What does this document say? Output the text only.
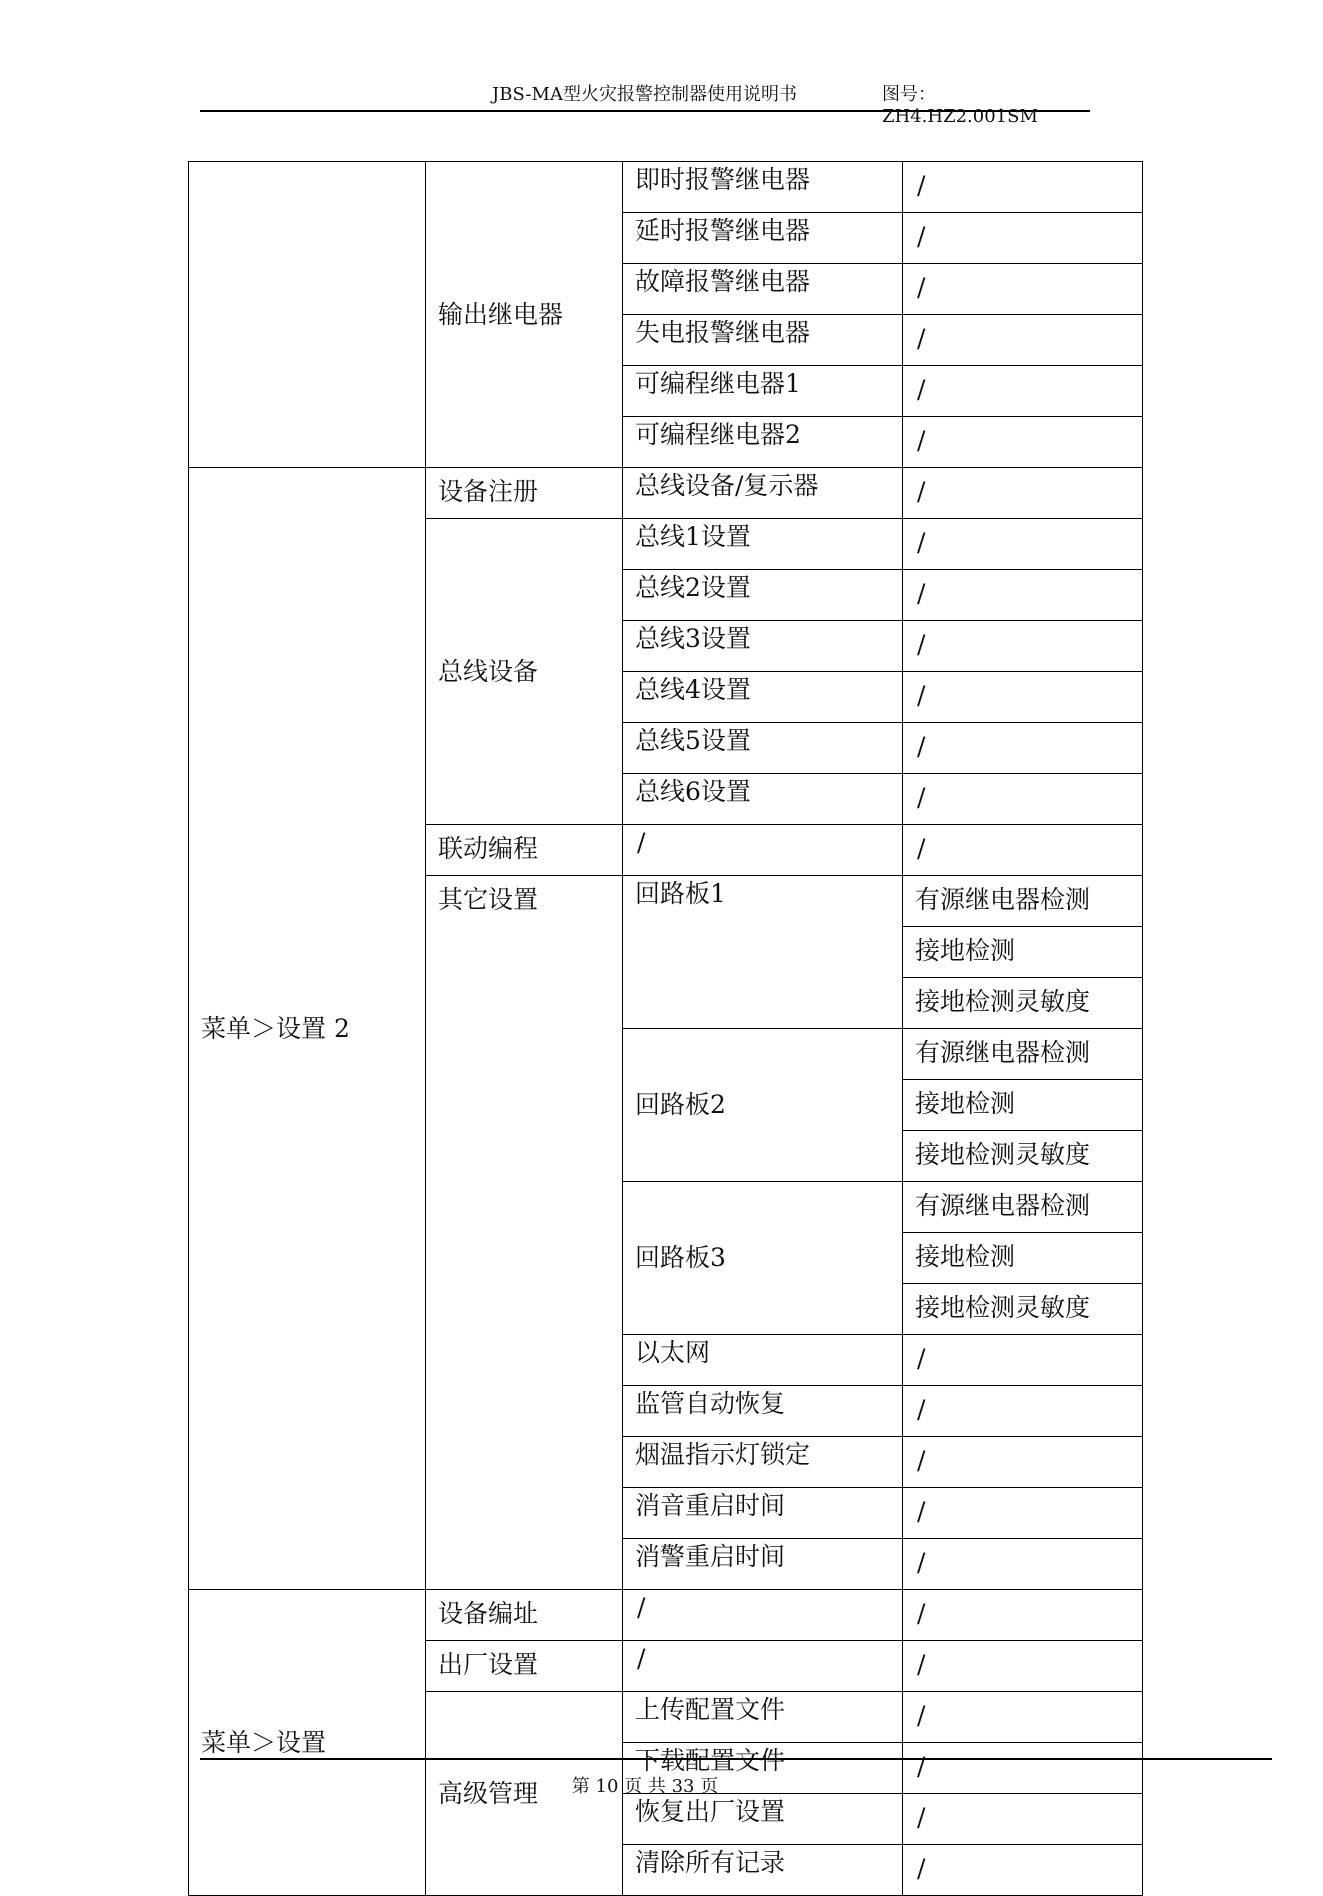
JBS-MA型火灾报警控制器使用说明书	图号：ZH4.HZ2.001SM
	输出继电器	即时报警继电器	/
		延时报警继电器	/
		故障报警继电器	/
		失电报警继电器	/
		可编程继电器1	/
		可编程继电器2	/
菜单＞设置 2	设备注册	总线设备/复示器	/
	总线设备	总线1设置	/
		总线2设置	/
		总线3设置	/
		总线4设置	/
		总线5设置	/
		总线6设置	/
	联动编程	/	/
	其它设置	回路板1	有源继电器检测
			接地检测
			接地检测灵敏度
		回路板2	有源继电器检测
			接地检测
			接地检测灵敏度
		回路板3	有源继电器检测
			接地检测
			接地检测灵敏度
		以太网	/
		监管自动恢复	/
		烟温指示灯锁定	/
		消音重启时间	/
		消警重启时间	/
菜单＞设置	设备编址	/	/
	出厂设置	/	/
	高级管理	上传配置文件	/
		下载配置文件	/
		恢复出厂设置	/
		清除所有记录	/
第 10 页 共 33 页
